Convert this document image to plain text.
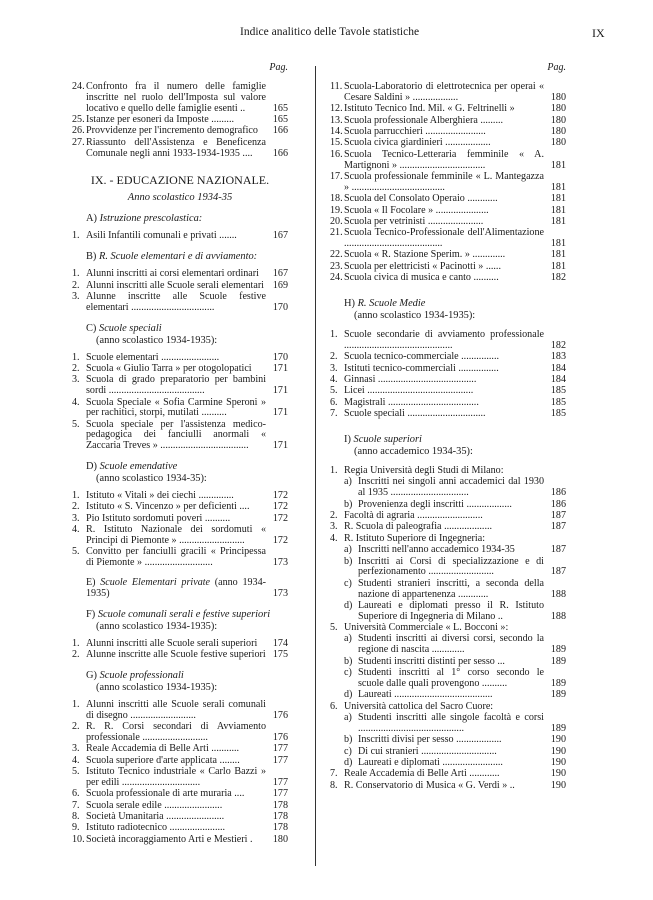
Indice analitico delle Tavole statistiche	IX
Pag.
24. Confronto fra il numero delle famiglie inscritte nel ruolo dell'Imposta sul valore locativo e quello delle famiglie esenti ..	165
25. Istanze per esoneri da Imposte .........	165
26. Provvidenze per l'incremento demografico 166
27. Riassunto dell'Assistenza e Beneficenza Comunale negli anni 1933-1934-1935 .... 166
IX. - EDUCAZIONE NAZIONALE.
Anno scolastico 1934-35
A) Istruzione prescolastica:
1. Asili Infantili comunali e privati .......	167
B) R. Scuole elementari e di avviamento:
1. Alunni inscritti ai corsi elementari ordinari 167
2. Alunni inscritti alle Scuole serali elementari 169
3. Alunne inscritte alle Scuole festive elementari .................................	170
C) Scuole speciali
(anno scolastico 1934-1935):
1. Scuole elementari .......................	170
2. Scuola « Giulio Tarra » per otogolopatici 171
3. Scuola di grado preparatorio per bambini sordi ......................................	171
4. Scuola Speciale « Sofia Carmine Speroni » per rachitici, storpi, mutilati ..........	171
5. Scuola speciale per l'assistenza medico-pedagogica dei fanciulli anormali « Zaccaria Treves » ................................... 171
D) Scuole emendative
(anno scolastico 1934-35):
1. Istituto « Vitali » dei ciechi ..............	172
2. Istituto « S. Vincenzo » per deficienti .... 172
3. Pio Istituto sordomuti poveri ..........	172
4. R. Istituto Nazionale dei sordomuti « Principi di Piemonte » ..........................	172
5. Convitto per fanciulli gracili « Principessa di Piemonte » ...........................	173
E) Scuole Elementari private (anno 1934-1935)	173
F) Scuole comunali serali e festive superiori
(anno scolastico 1934-1935):
1. Alunni inscritti alle Scuole serali superiori 174
2. Alunne inscritte alle Scuole festive superiori 175
G) Scuole professionali
(anno scolastico 1934-1935):
1. Alunni inscritti alle Scuole serali comunali di disegno ..........................	176
2. R. R. Corsi secondari di Avviamento professionale ..........................	176
3. Reale Accademia di Belle Arti ...........	177
4. Scuola superiore d'arte applicata ........	177
5. Istituto Tecnico industriale « Carlo Bazzi » per edili ...............................	177
6. Scuola professionale di arte muraria ....	177
7. Scuola serale edile .......................	178
8. Società Umanitaria .......................	178
9. Istituto radiotecnico ......................	178
10. Società incoraggiamento Arti e Mestieri . 180
Pag.
11. Scuola-Laboratorio di elettrotecnica per operai « Cesare Saldini » ..................	180
12. Istituto Tecnico Ind. Mil. « G. Feltrinelli »	180
13. Scuola professionale Alberghiera .........	180
14. Scuola parrucchieri ........................	180
15. Scuola civica giardinieri ..................	180
16. Scuola Tecnico-Letteraria femminile « A. Martignoni » ..................................	181
17. Scuola professionale femminile « L. Mantegazza » .....................................	181
18. Scuola del Consolato Operaio ............	181
19. Scuola « Il Focolare » .....................	181
20. Scuola per vetrinisti ......................	181
21. Scuola Tecnico-Professionale dell'Alimentazione .......................................	181
22. Scuola « R. Stazione Sperim. » .............	181
23. Scuola per elettricisti « Pacinotti » ......	181
24. Scuola civica di musica e canto ..........	182
H) R. Scuole Medie
(anno scolastico 1934-1935):
1. Scuole secondarie di avviamento professionale ...........................................	182
2. Scuola tecnico-commerciale ...............	183
3. Istituti tecnico-commerciali ................	184
4. Ginnasi .......................................	184
5. Licei ..........................................	185
6. Magistrali ....................................	185
7. Scuole speciali ...............................	185
I) Scuole superiori
(anno accademico 1934-35):
1. Regia Università degli Studi di Milano:
a) Inscritti nei singoli anni accademici dal 1930 al 1935 ...............................	186
b) Provenienza degli inscritti ..................	186
2. Facoltà di agraria ..........................	187
3. R. Scuola di paleografia ...................	187
4. R. Istituto Superiore di Ingegneria:
a) Inscritti nell'anno accademico 1934-35	187
b) Inscritti ai Corsi di specializzazione e di perfezionamento ..........................	187
c) Studenti stranieri inscritti, a seconda della nazione di appartenenza ............	188
d) Laureati e diplomati presso il R. Istituto Superiore di Ingegneria di Milano ..	188
5. Università Commerciale « L. Bocconi »:
a) Studenti inscritti ai diversi corsi, secondo la regione di nascita .............	189
b) Studenti inscritti distinti per sesso ...	189
c) Studenti inscritti al 1° corso secondo le scuole dalle quali provengono ..........	189
d) Laureati .......................................	189
6. Università cattolica del Sacro Cuore:
a) Studenti inscritti alle singole facoltà e corsi ..........................................	189
b) Inscritti divisi per sesso ..................	190
c) Di cui stranieri ..............................	190
d) Laureati e diplomati ........................	190
7. Reale Accademia di Belle Arti ............	190
8. R. Conservatorio di Musica « G. Verdi » ..	190
